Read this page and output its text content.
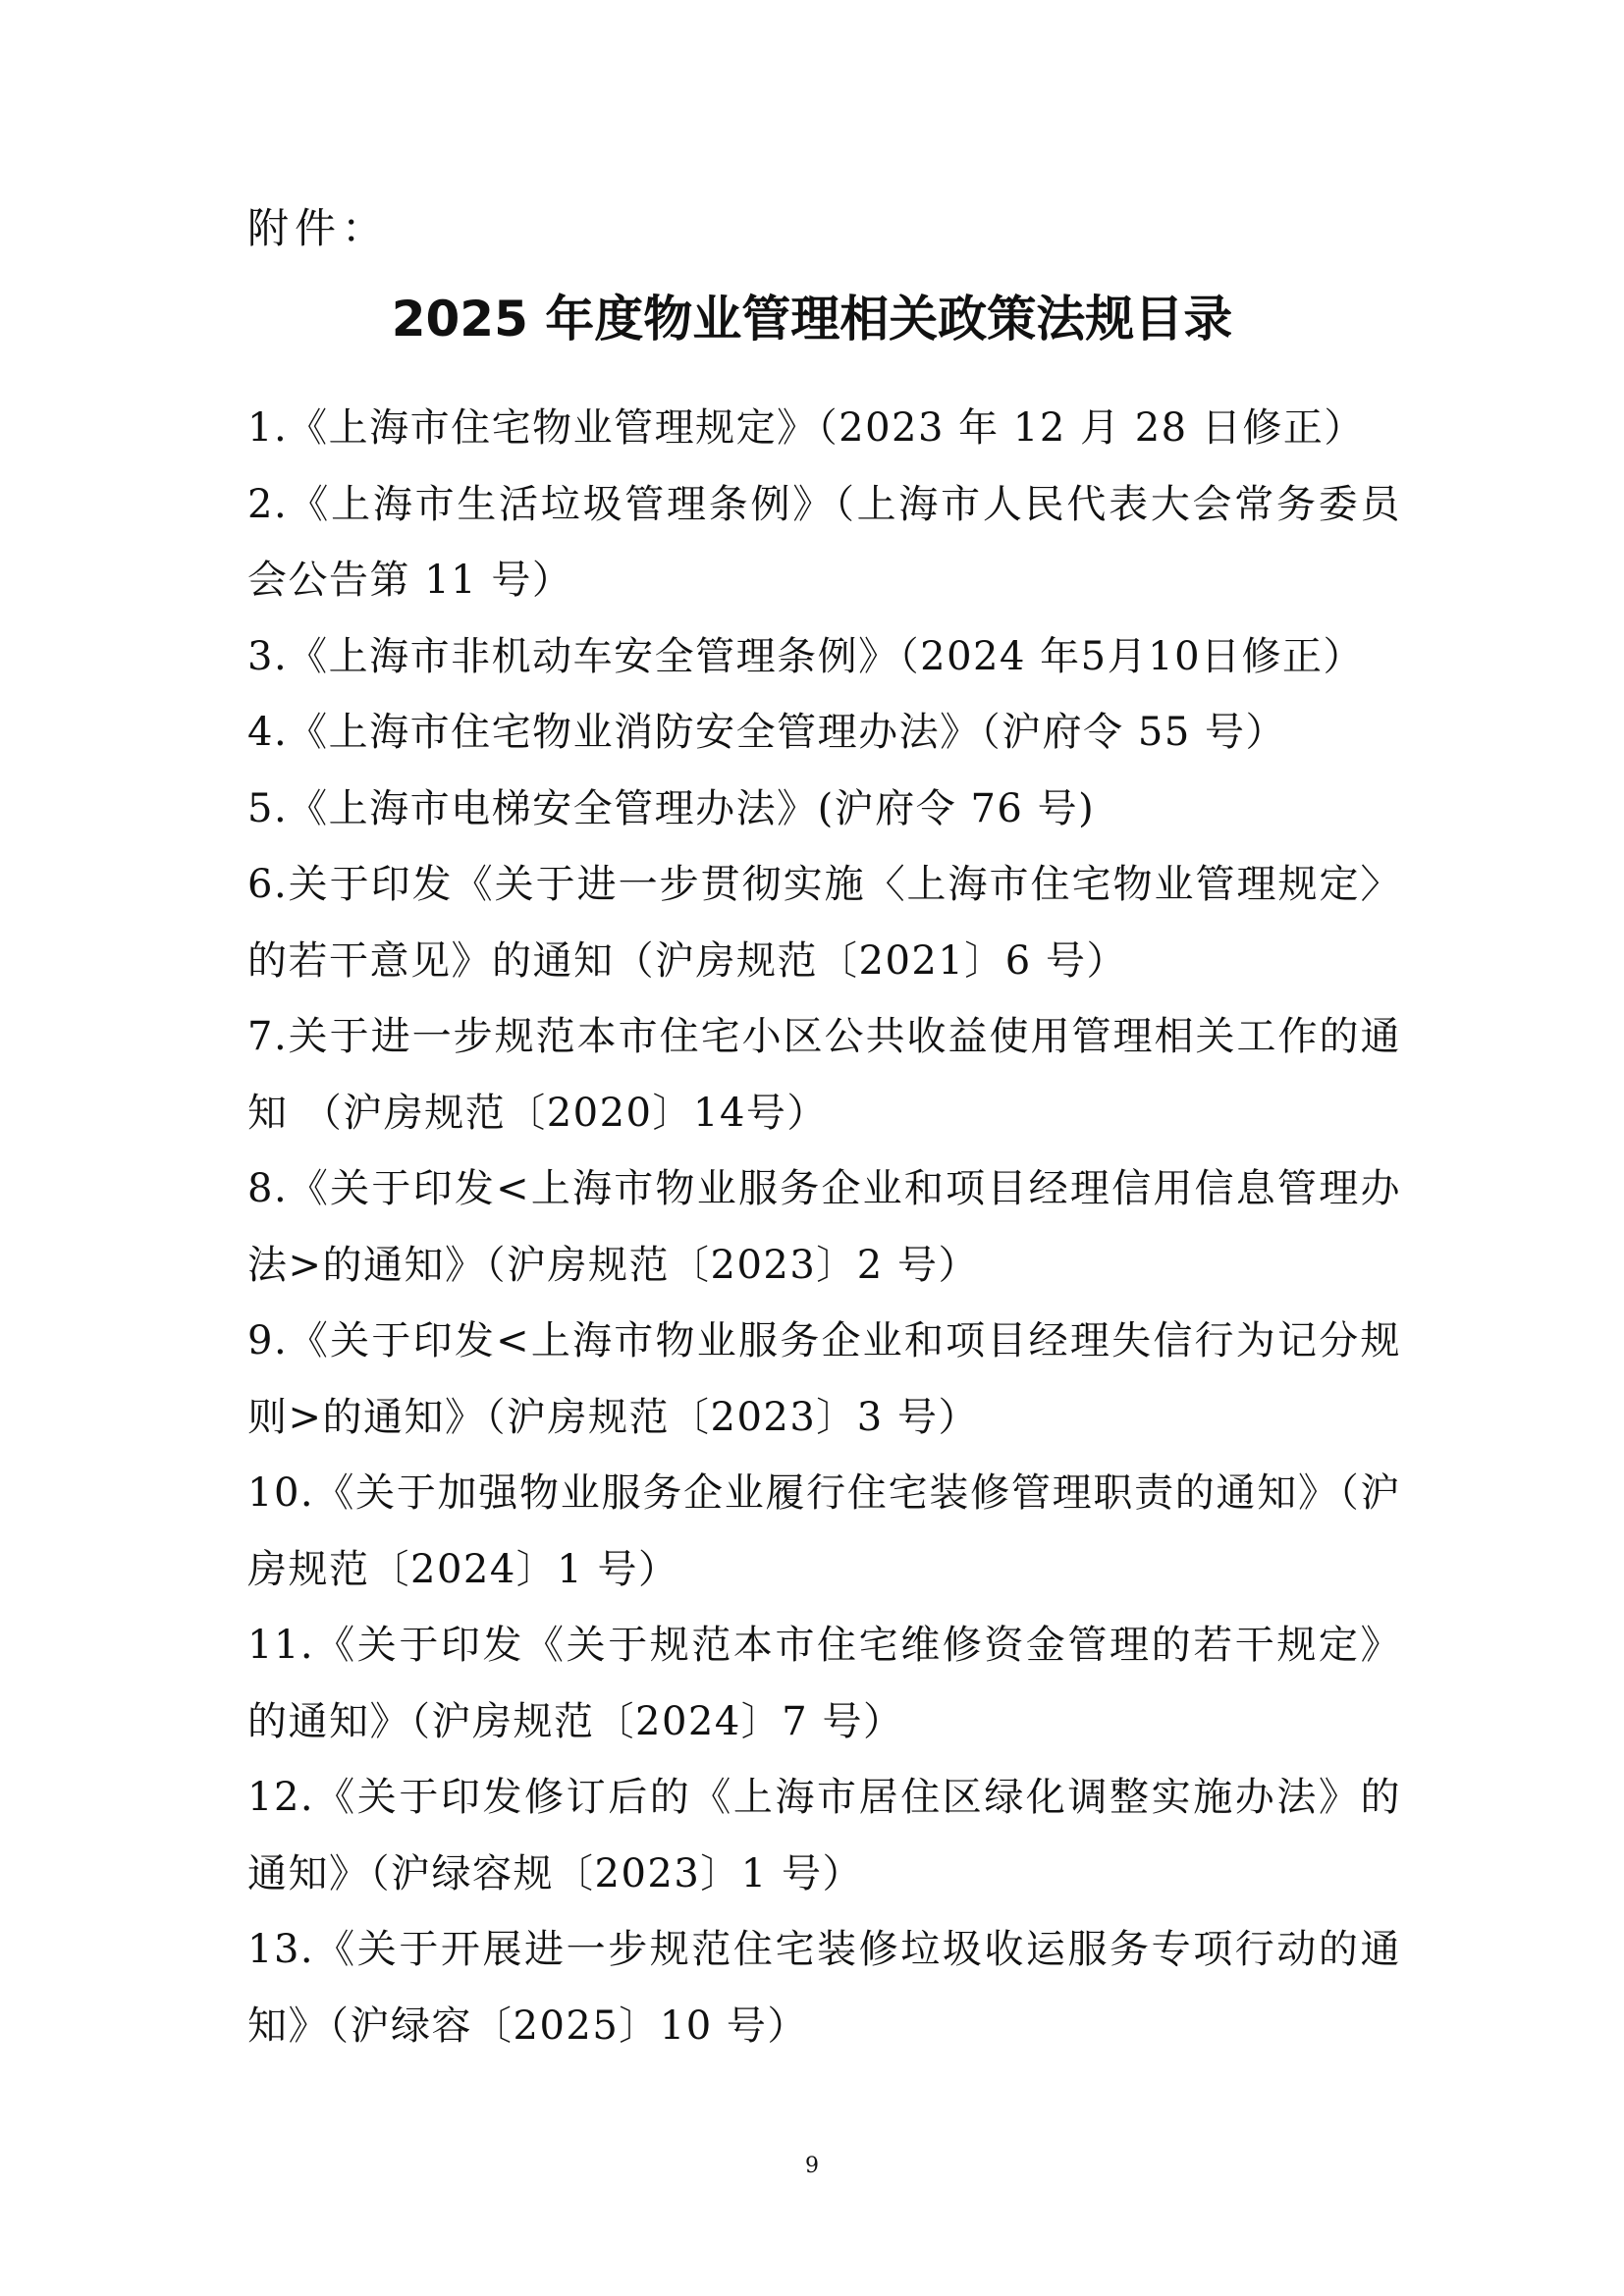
附件：
2025 年度物业管理相关政策法规目录

1.《上海市住宅物业管理规定》（2023 年 12 月 28 日修正）

2.《上海市生活垃圾管理条例》（上海市人民代表大会常务委员会公告第 11 号）

3.《上海市非机动车安全管理条例》（2024 年5月10日修正）

4.《上海市住宅物业消防安全管理办法》（沪府令 55 号）

5.《上海市电梯安全管理办法》(沪府令 76 号)

6.关于印发《关于进一步贯彻实施〈上海市住宅物业管理规定〉的若干意见》的通知（沪房规范〔2021〕6 号）

7.关于进一步规范本市住宅小区公共收益使用管理相关工作的通知 （沪房规范〔2020〕14号）

8.《关于印发<上海市物业服务企业和项目经理信用信息管理办法>的通知》（沪房规范〔2023〕2 号）

9.《关于印发<上海市物业服务企业和项目经理失信行为记分规则>的通知》（沪房规范〔2023〕3 号）

10.《关于加强物业服务企业履行住宅装修管理职责的通知》（沪房规范〔2024〕1 号）

11.《关于印发《关于规范本市住宅维修资金管理的若干规定》的通知》（沪房规范〔2024〕7 号）

12.《关于印发修订后的《上海市居住区绿化调整实施办法》的通知》（沪绿容规〔2023〕1 号）

13.《关于开展进一步规范住宅装修垃圾收运服务专项行动的通知》（沪绿容〔2025〕10 号）

9
